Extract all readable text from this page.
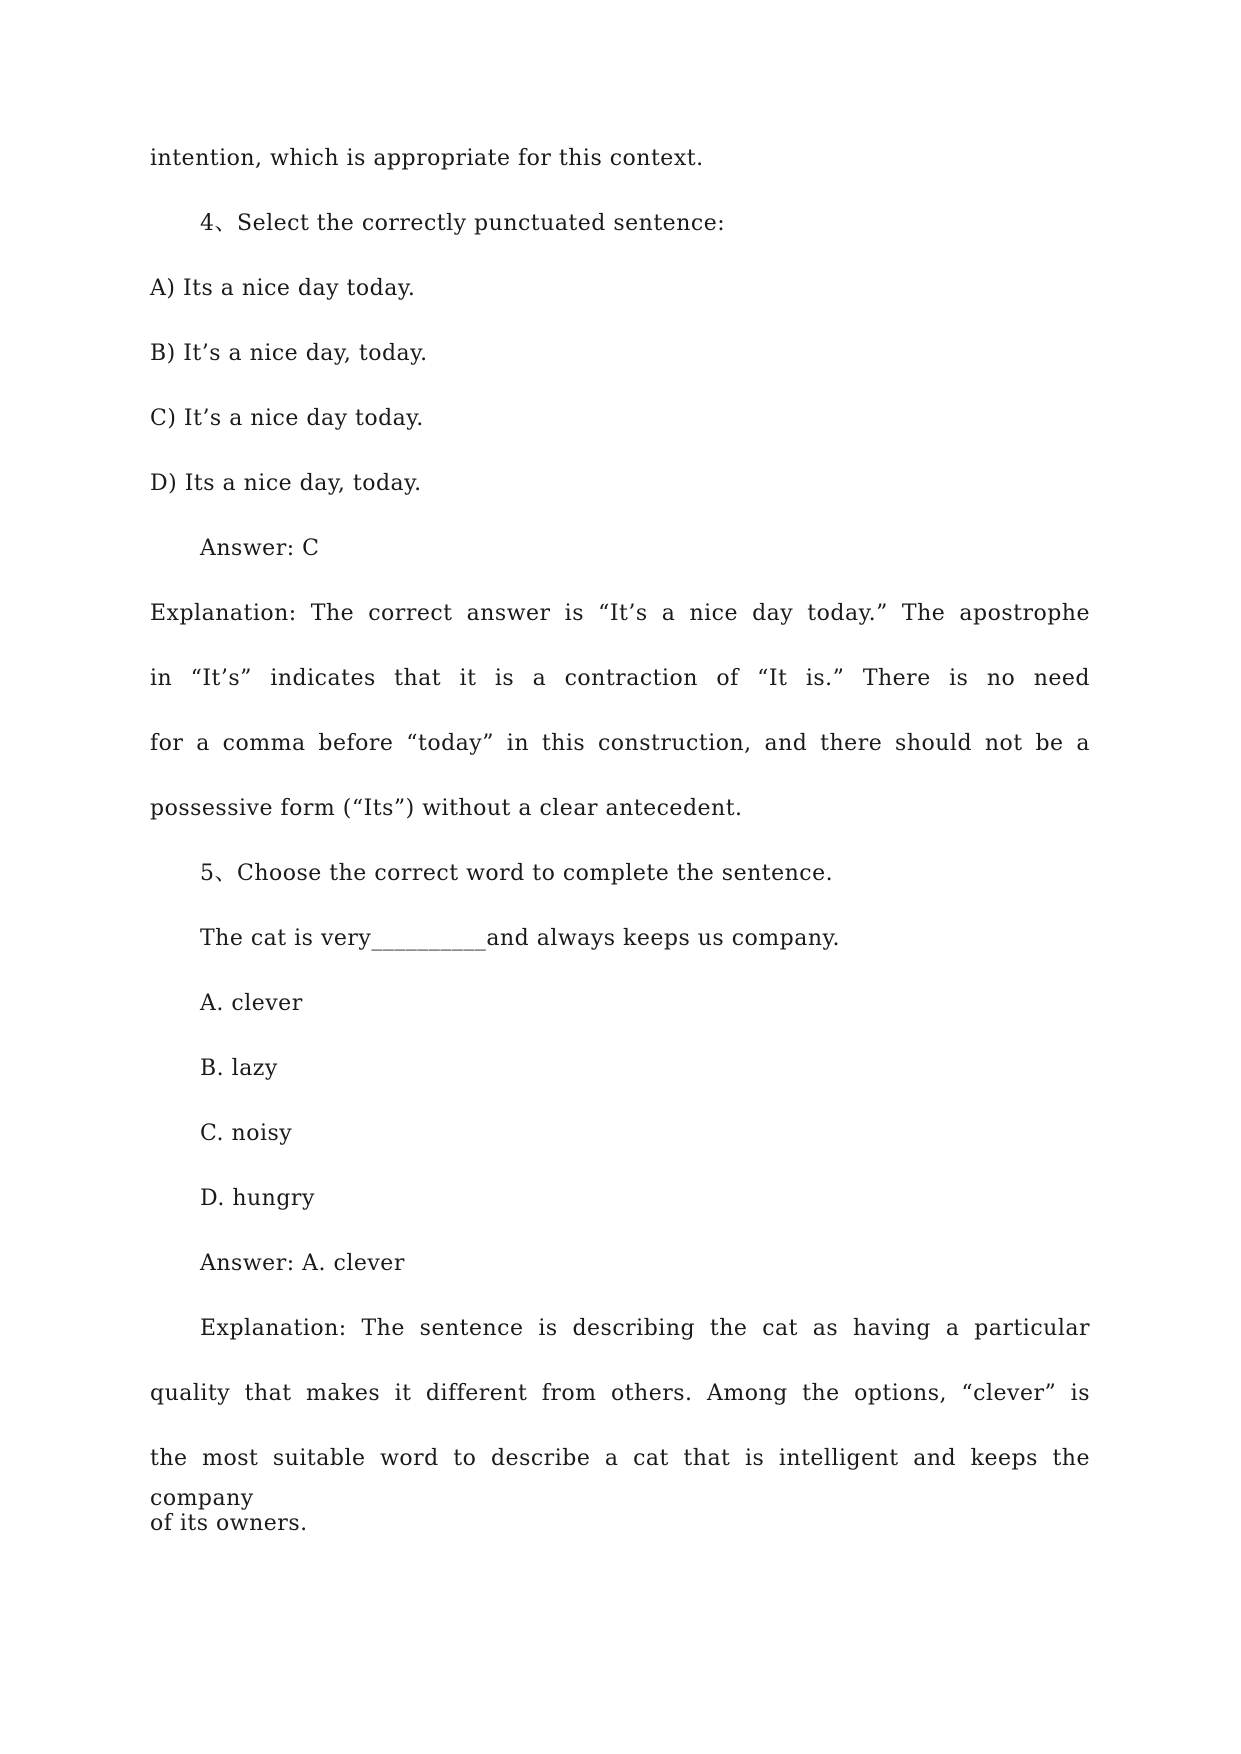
intention, which is appropriate for this context.
4、Select the correctly punctuated sentence:
A) Its a nice day today.
B) It’s a nice day, today.
C) It’s a nice day today.
D) Its a nice day, today.
Answer: C
Explanation: The correct answer is “It’s a nice day today.” The apostrophe
in “It’s” indicates that it is a contraction of “It is.” There is no need
for a comma before “today” in this construction, and there should not be a
possessive form (“Its”) without a clear antecedent.
5、Choose the correct word to complete the sentence.
The cat is very__________and always keeps us company.
A. clever
B. lazy
C. noisy
D. hungry
Answer: A. clever
Explanation: The sentence is describing the cat as having a particular
quality that makes it different from others. Among the options, “clever” is
the most suitable word to describe a cat that is intelligent and keeps the company
of its owners.
